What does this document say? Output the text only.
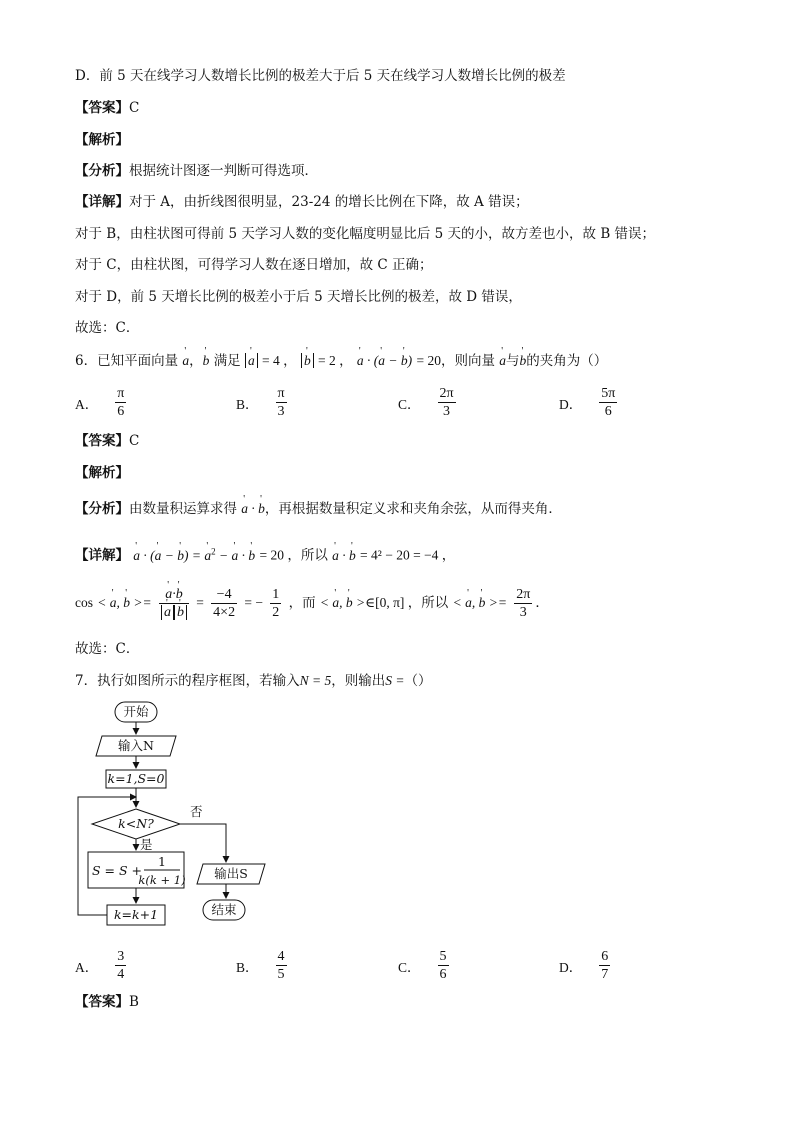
D．前 5 天在线学习人数增长比例的极差大于后 5 天在线学习人数增长比例的极差
【答案】C
【解析】
【分析】根据统计图逐一判断可得选项．
【详解】对于 A，由折线图很明显，23-24 的增长比例在下降，故 A 错误；
对于 B，由柱状图可得前 5 天学习人数的变化幅度明显比后 5 天的小，故方差也小，故 B 错误；
对于 C，由柱状图，可得学习人数在逐日增加，故 C 正确；
对于 D，前 5 天增长比例的极差小于后 5 天增长比例的极差，故 D 错误，
故选：C．
6．已知平面向量 ' a，' b 满足 ' a = 4 ， ' b = 2 ， ' a · (' a − ' b) = 20，则向量 ' a与' b的夹角为（）
A． $\frac{\pi}{6}$	B． $\frac{\pi}{3}$	C． $\frac{2\pi}{3}$	D． $\frac{5\pi}{6}$
【答案】C
【解析】
【分析】由数量积运算求得 ' a · ' b，再根据数量积定义求和夹角余弦，从而得夹角．
【详解】 ' a · (' a − ' b) = ' $a^2$ − ' a · ' b = 20 ，所以 ' a · ' b = 4² − 20 = −4 ，
cos < ' a, ' b >= ' a·' b
' a ' $b = \frac{-4}{4\times 2}$ = − $\frac{1}{2}$ ，而 < ' a, ' b >∈[0, π] ，所以 < ' a, ' $b >= \frac{2\pi}{3}$ ．
故选：C．
7．执行如图所示的程序框图，若输入N = 5，则输出S =（）
开始
输入N
k=1,S=0
k<N?
否
是
S = S +
1
k(k + 1) 输出S
k=k+1	结束
A． $\frac{3}{4}$	B． $\frac{4}{5}$	C． $\frac{5}{6}$	D． $\frac{6}{7}$
【答案】B
